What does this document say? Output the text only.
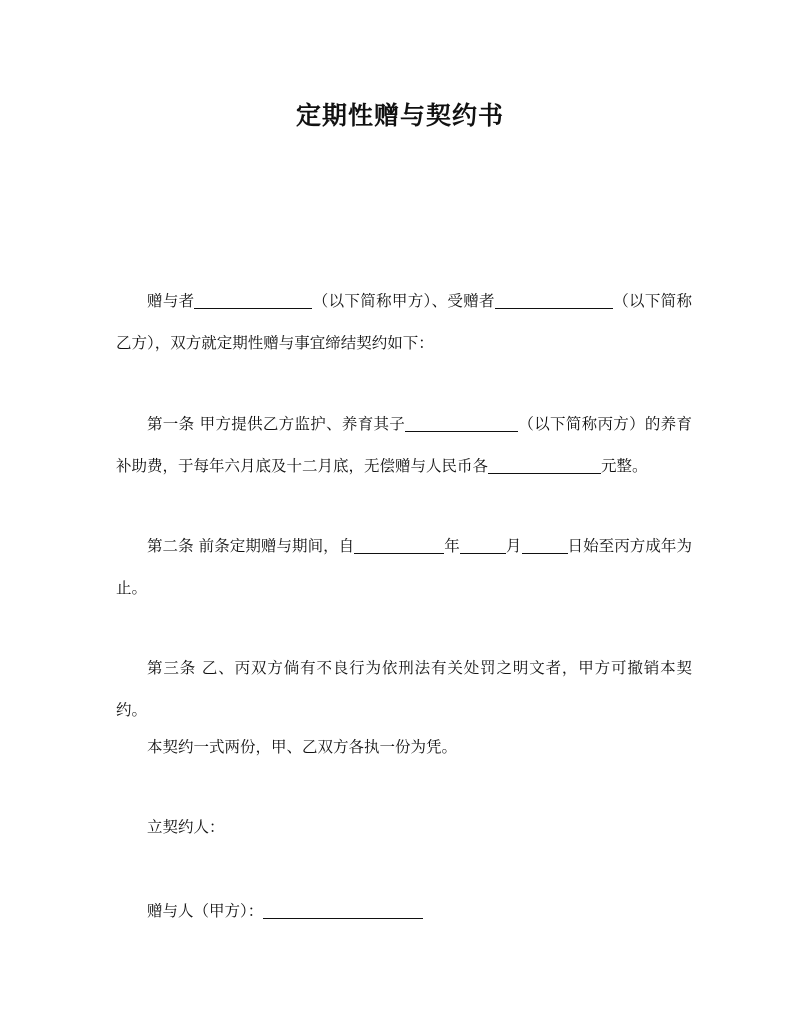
定期性赠与契约书
赠与者	（以下简称甲方）、受赠者	（以下简称乙方），双方就定期性赠与事宜缔结契约如下：
第一条 甲方提供乙方监护、养育其子	（以下简称丙方）的养育补助费，于每年六月底及十二月底，无偿赠与人民币各	元整。
第二条 前条定期赠与期间，自	年	月	日始至丙方成年为止。
第三条 乙、丙双方倘有不良行为依刑法有关处罚之明文者，甲方可撤销本契约。
本契约一式两份，甲、乙双方各执一份为凭。
立契约人：
赠与人（甲方）：
